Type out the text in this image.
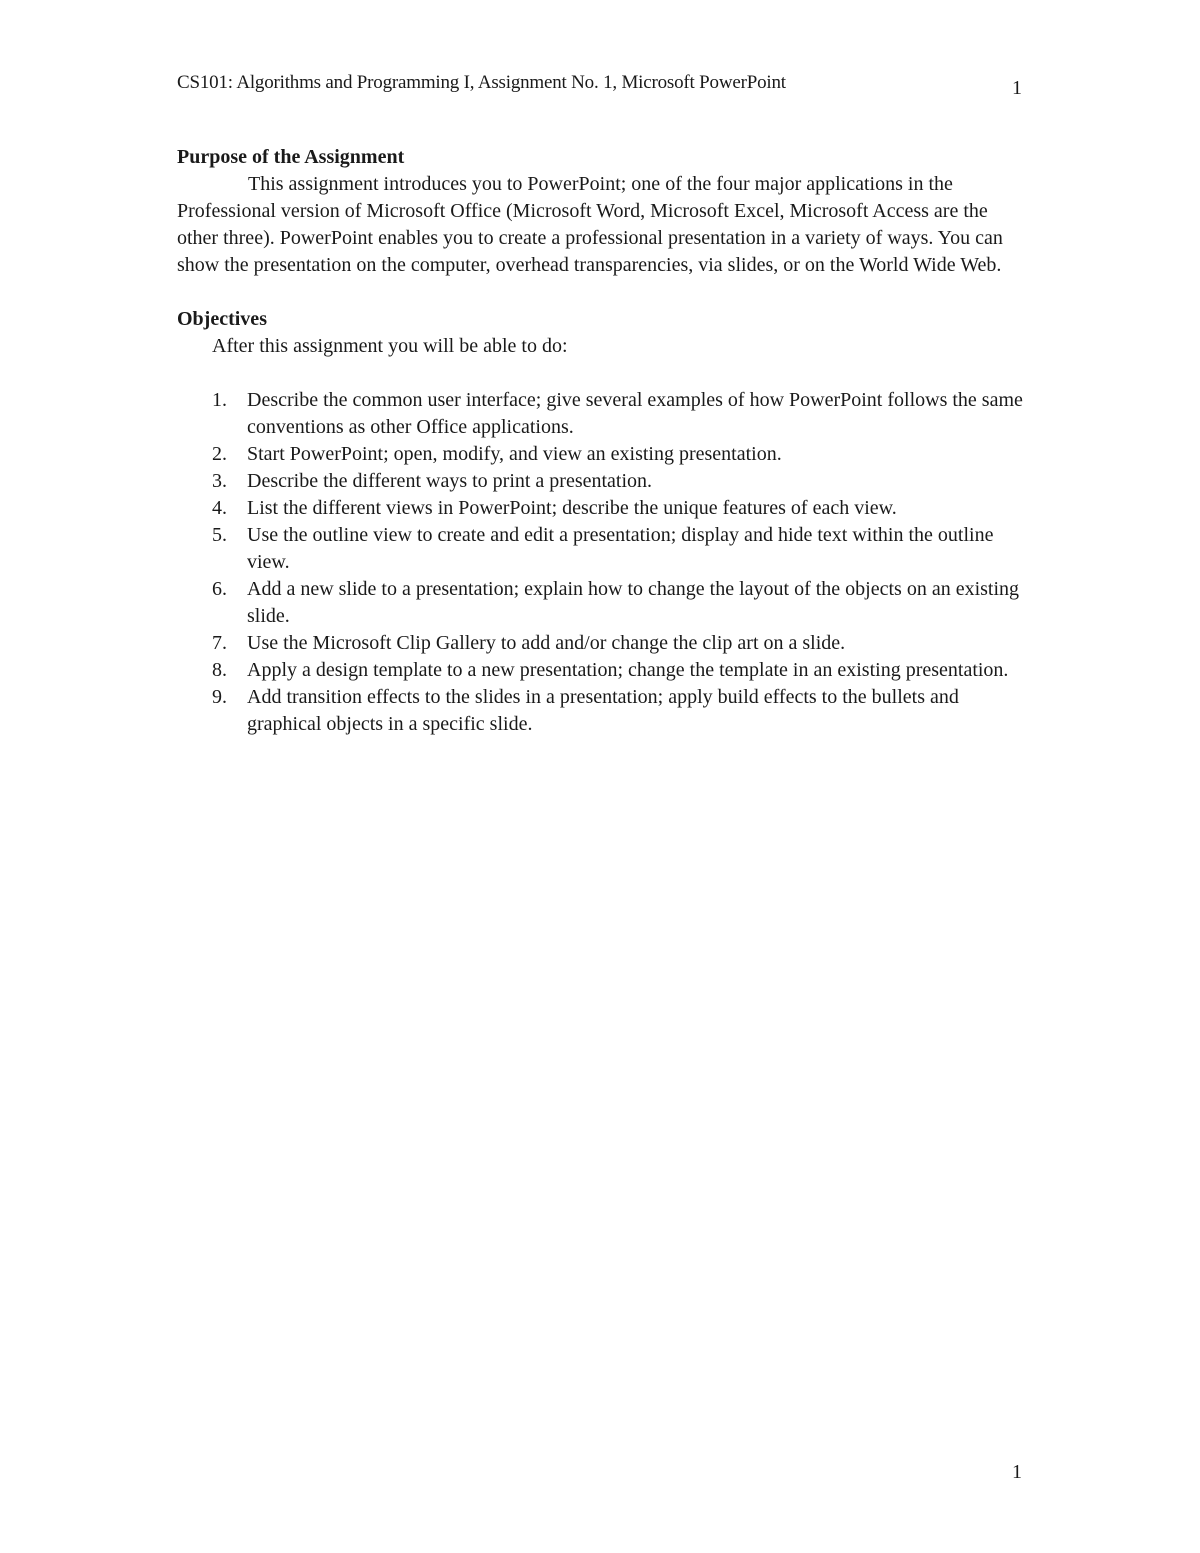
CS101: Algorithms and Programming I, Assignment No. 1, Microsoft PowerPoint	1

Purpose of the Assignment

This assignment introduces you to PowerPoint; one of the four major applications in the Professional version of Microsoft Office (Microsoft Word, Microsoft Excel, Microsoft Access are the other three). PowerPoint enables you to create a professional presentation in a variety of ways. You can show the presentation on the computer, overhead transparencies, via slides, or on the World Wide Web.

Objectives

After this assignment you will be able to do:

1. Describe the common user interface; give several examples of how PowerPoint follows the same conventions as other Office applications.
2. Start PowerPoint; open, modify, and view an existing presentation.
3. Describe the different ways to print a presentation.
4. List the different views in PowerPoint; describe the unique features of each view.
5. Use the outline view to create and edit a presentation; display and hide text within the outline view.
6. Add a new slide to a presentation; explain how to change the layout of the objects on an existing slide.
7. Use the Microsoft Clip Gallery to add and/or change the clip art on a slide.
8. Apply a design template to a new presentation; change the template in an existing presentation.
9. Add transition effects to the slides in a presentation; apply build effects to the bullets and graphical objects in a specific slide.
1
